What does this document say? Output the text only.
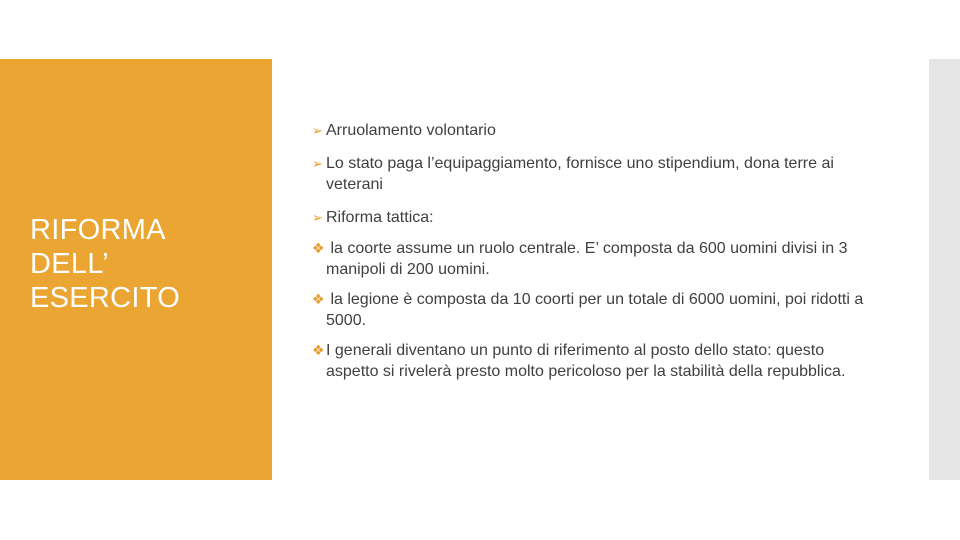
RIFORMA
DELL’
ESERCITO
➢ Arruolamento volontario
➢ Lo stato paga l’equipaggiamento, fornisce uno stipendium, dona terre ai veterani
➢ Riforma tattica:
❖ la coorte assume un ruolo centrale. E’ composta da 600 uomini divisi in 3 manipoli di 200 uomini.
❖ la legione è composta da 10 coorti per un totale di 6000 uomini, poi ridotti a 5000.
❖I generali diventano un punto di riferimento al posto dello stato: questo aspetto si rivelerà presto molto pericoloso per la stabilità della repubblica.
